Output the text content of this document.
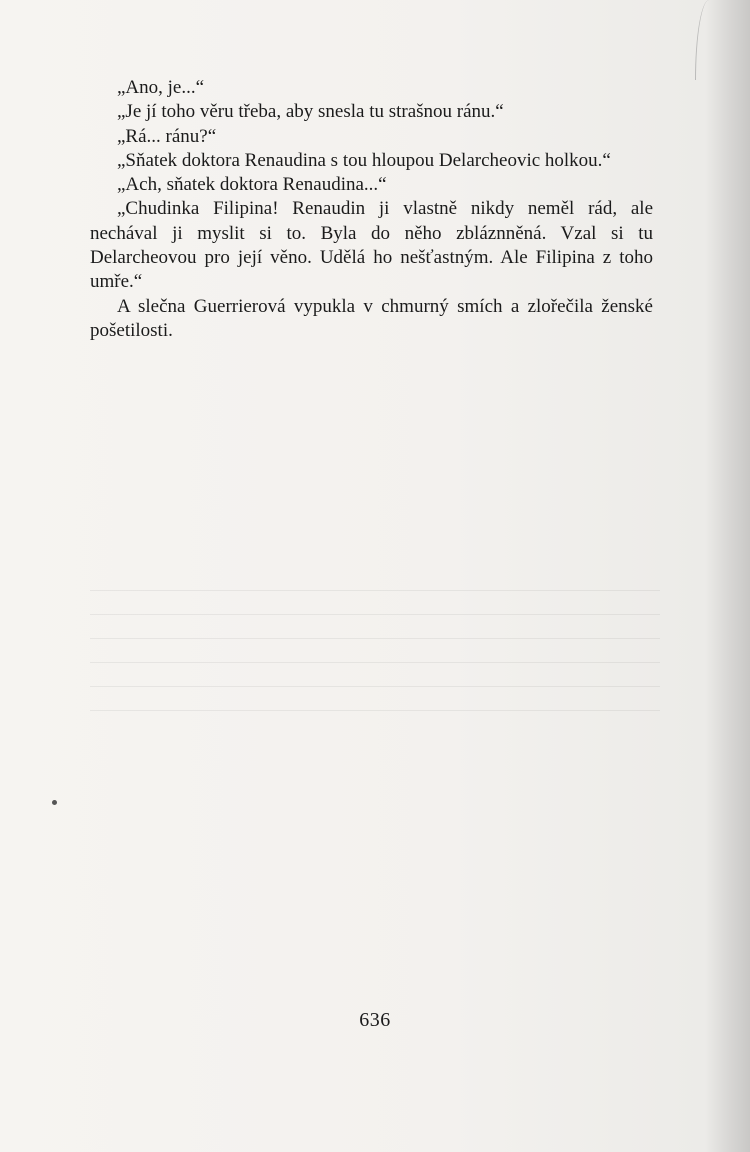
„Ano, je...“

„Je jí toho věru třeba, aby snesla tu strašnou ránu.“

„Rá... ránu?“

„Sňatek doktora Renaudina s tou hloupou Delarcheovic holkou.“

„Ach, sňatek doktora Renaudina...“

„Chudinka Filipina! Renaudin ji vlastně nikdy neměl rád, ale nechával ji myslit si to. Byla do něho zbláznněná. Vzal si tu Delarcheovou pro její věno. Udělá ho nešťastným. Ale Filipina z toho umře.“

A slečna Guerrierová vypukla v chmurný smích a zlořečila ženské pošetilosti.

636
